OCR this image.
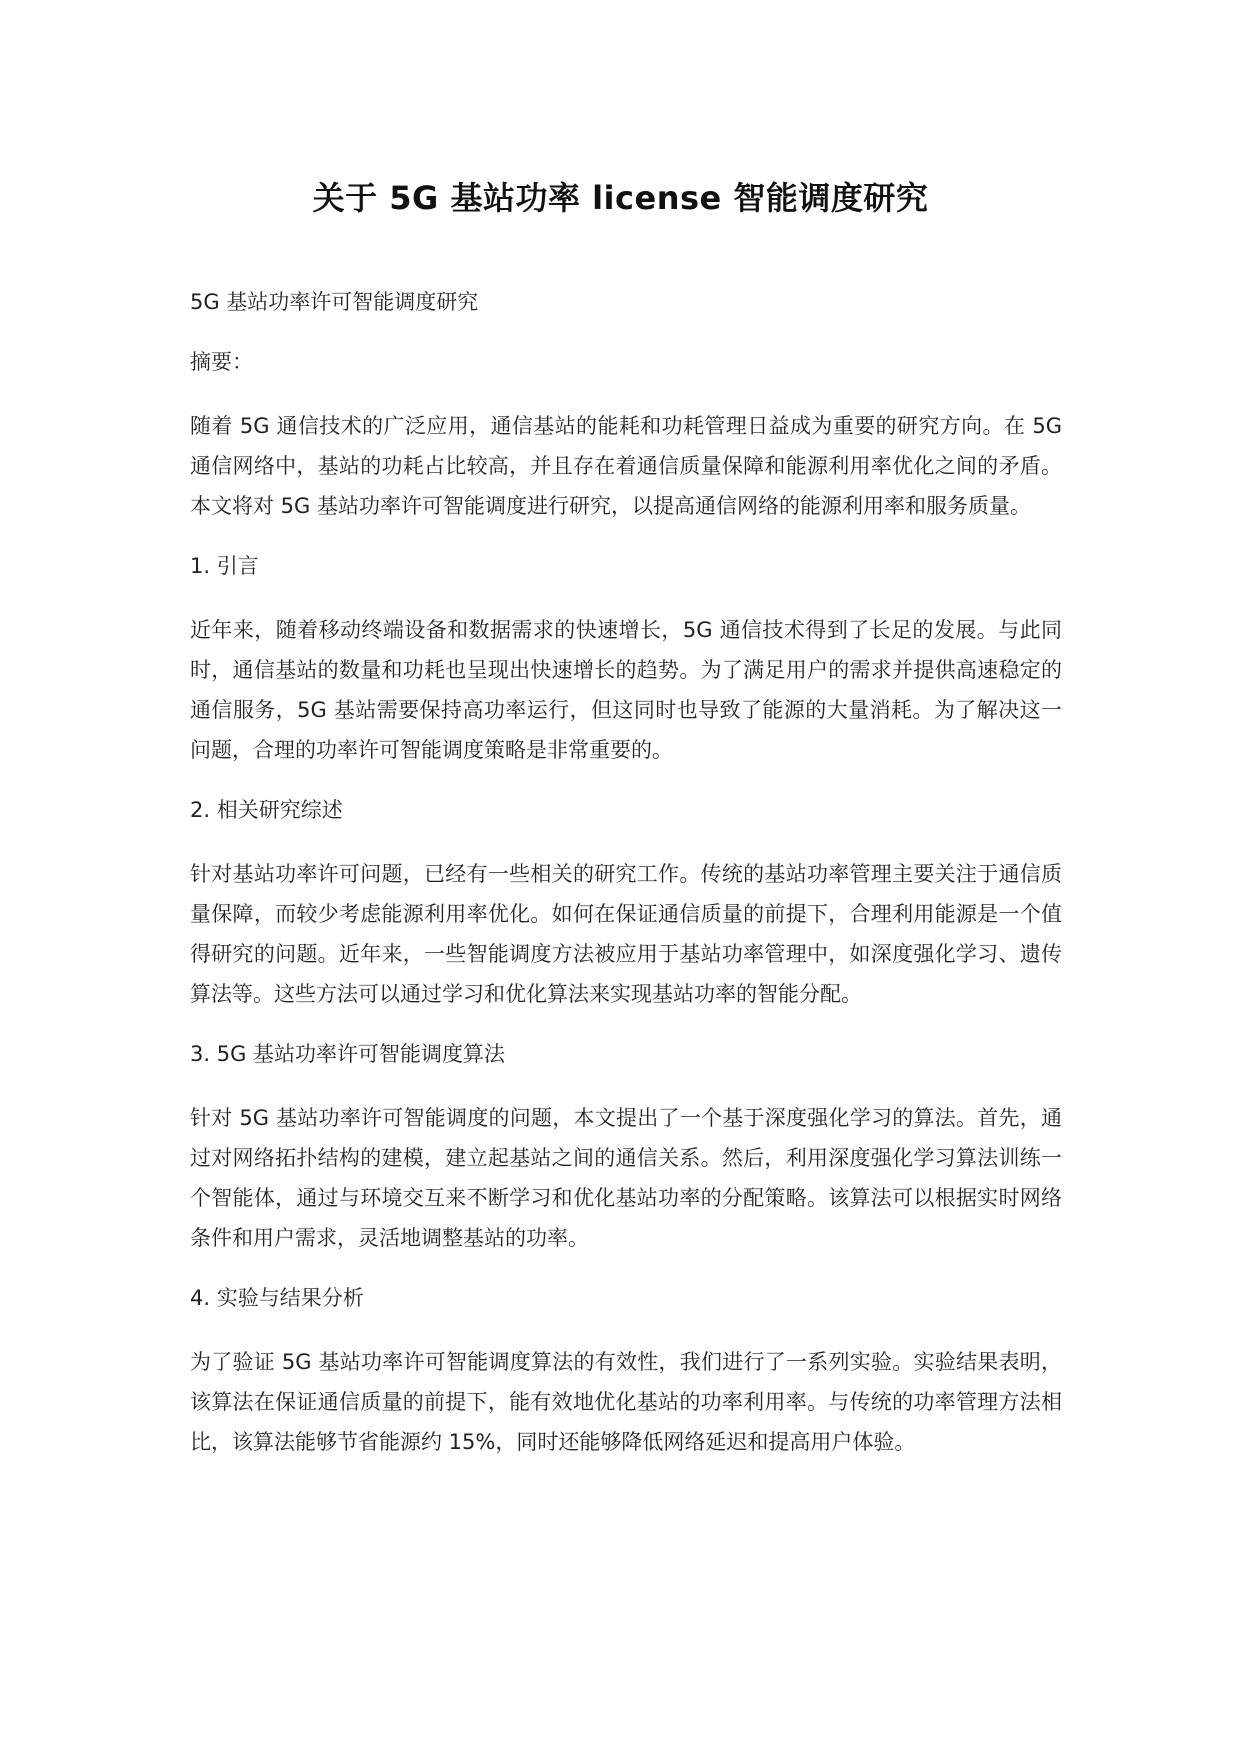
关于 5G 基站功率 license 智能调度研究

5G 基站功率许可智能调度研究

摘要：

随着 5G 通信技术的广泛应用，通信基站的能耗和功耗管理日益成为重要的研究方向。在 5G 通信网络中，基站的功耗占比较高，并且存在着通信质量保障和能源利用率优化之间的矛盾。本文将对 5G 基站功率许可智能调度进行研究，以提高通信网络的能源利用率和服务质量。

1. 引言

近年来，随着移动终端设备和数据需求的快速增长，5G 通信技术得到了长足的发展。与此同时，通信基站的数量和功耗也呈现出快速增长的趋势。为了满足用户的需求并提供高速稳定的通信服务，5G 基站需要保持高功率运行，但这同时也导致了能源的大量消耗。为了解决这一问题，合理的功率许可智能调度策略是非常重要的。

2. 相关研究综述

针对基站功率许可问题，已经有一些相关的研究工作。传统的基站功率管理主要关注于通信质量保障，而较少考虑能源利用率优化。如何在保证通信质量的前提下，合理利用能源是一个值得研究的问题。近年来，一些智能调度方法被应用于基站功率管理中，如深度强化学习、遗传算法等。这些方法可以通过学习和优化算法来实现基站功率的智能分配。

3. 5G 基站功率许可智能调度算法

针对 5G 基站功率许可智能调度的问题，本文提出了一个基于深度强化学习的算法。首先，通过对网络拓扑结构的建模，建立起基站之间的通信关系。然后，利用深度强化学习算法训练一个智能体，通过与环境交互来不断学习和优化基站功率的分配策略。该算法可以根据实时网络条件和用户需求，灵活地调整基站的功率。

4. 实验与结果分析

为了验证 5G 基站功率许可智能调度算法的有效性，我们进行了一系列实验。实验结果表明，该算法在保证通信质量的前提下，能有效地优化基站的功率利用率。与传统的功率管理方法相比，该算法能够节省能源约 15%，同时还能够降低网络延迟和提高用户体验。
